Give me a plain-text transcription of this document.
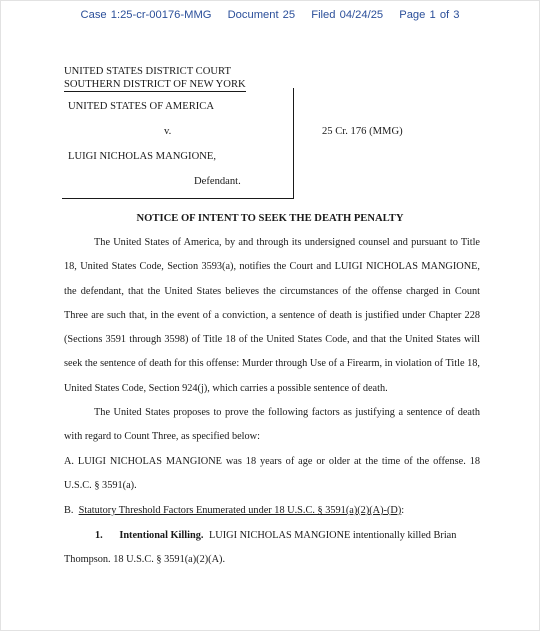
Case 1:25-cr-00176-MMG Document 25 Filed 04/24/25 Page 1 of 3
UNITED STATES DISTRICT COURT
SOUTHERN DISTRICT OF NEW YORK
UNITED STATES OF AMERICA
v.
LUIGI NICHOLAS MANGIONE,
Defendant.
25 Cr. 176 (MMG)
NOTICE OF INTENT TO SEEK THE DEATH PENALTY
The United States of America, by and through its undersigned counsel and pursuant to Title 18, United States Code, Section 3593(a), notifies the Court and LUIGI NICHOLAS MANGIONE, the defendant, that the United States believes the circumstances of the offense charged in Count Three are such that, in the event of a conviction, a sentence of death is justified under Chapter 228 (Sections 3591 through 3598) of Title 18 of the United States Code, and that the United States will seek the sentence of death for this offense: Murder through Use of a Firearm, in violation of Title 18, United States Code, Section 924(j), which carries a possible sentence of death.
The United States proposes to prove the following factors as justifying a sentence of death with regard to Count Three, as specified below:
A. LUIGI NICHOLAS MANGIONE was 18 years of age or older at the time of the offense. 18 U.S.C. § 3591(a).
B. Statutory Threshold Factors Enumerated under 18 U.S.C. § 3591(a)(2)(A)-(D):
1. Intentional Killing. LUIGI NICHOLAS MANGIONE intentionally killed Brian
Thompson. 18 U.S.C. § 3591(a)(2)(A).
